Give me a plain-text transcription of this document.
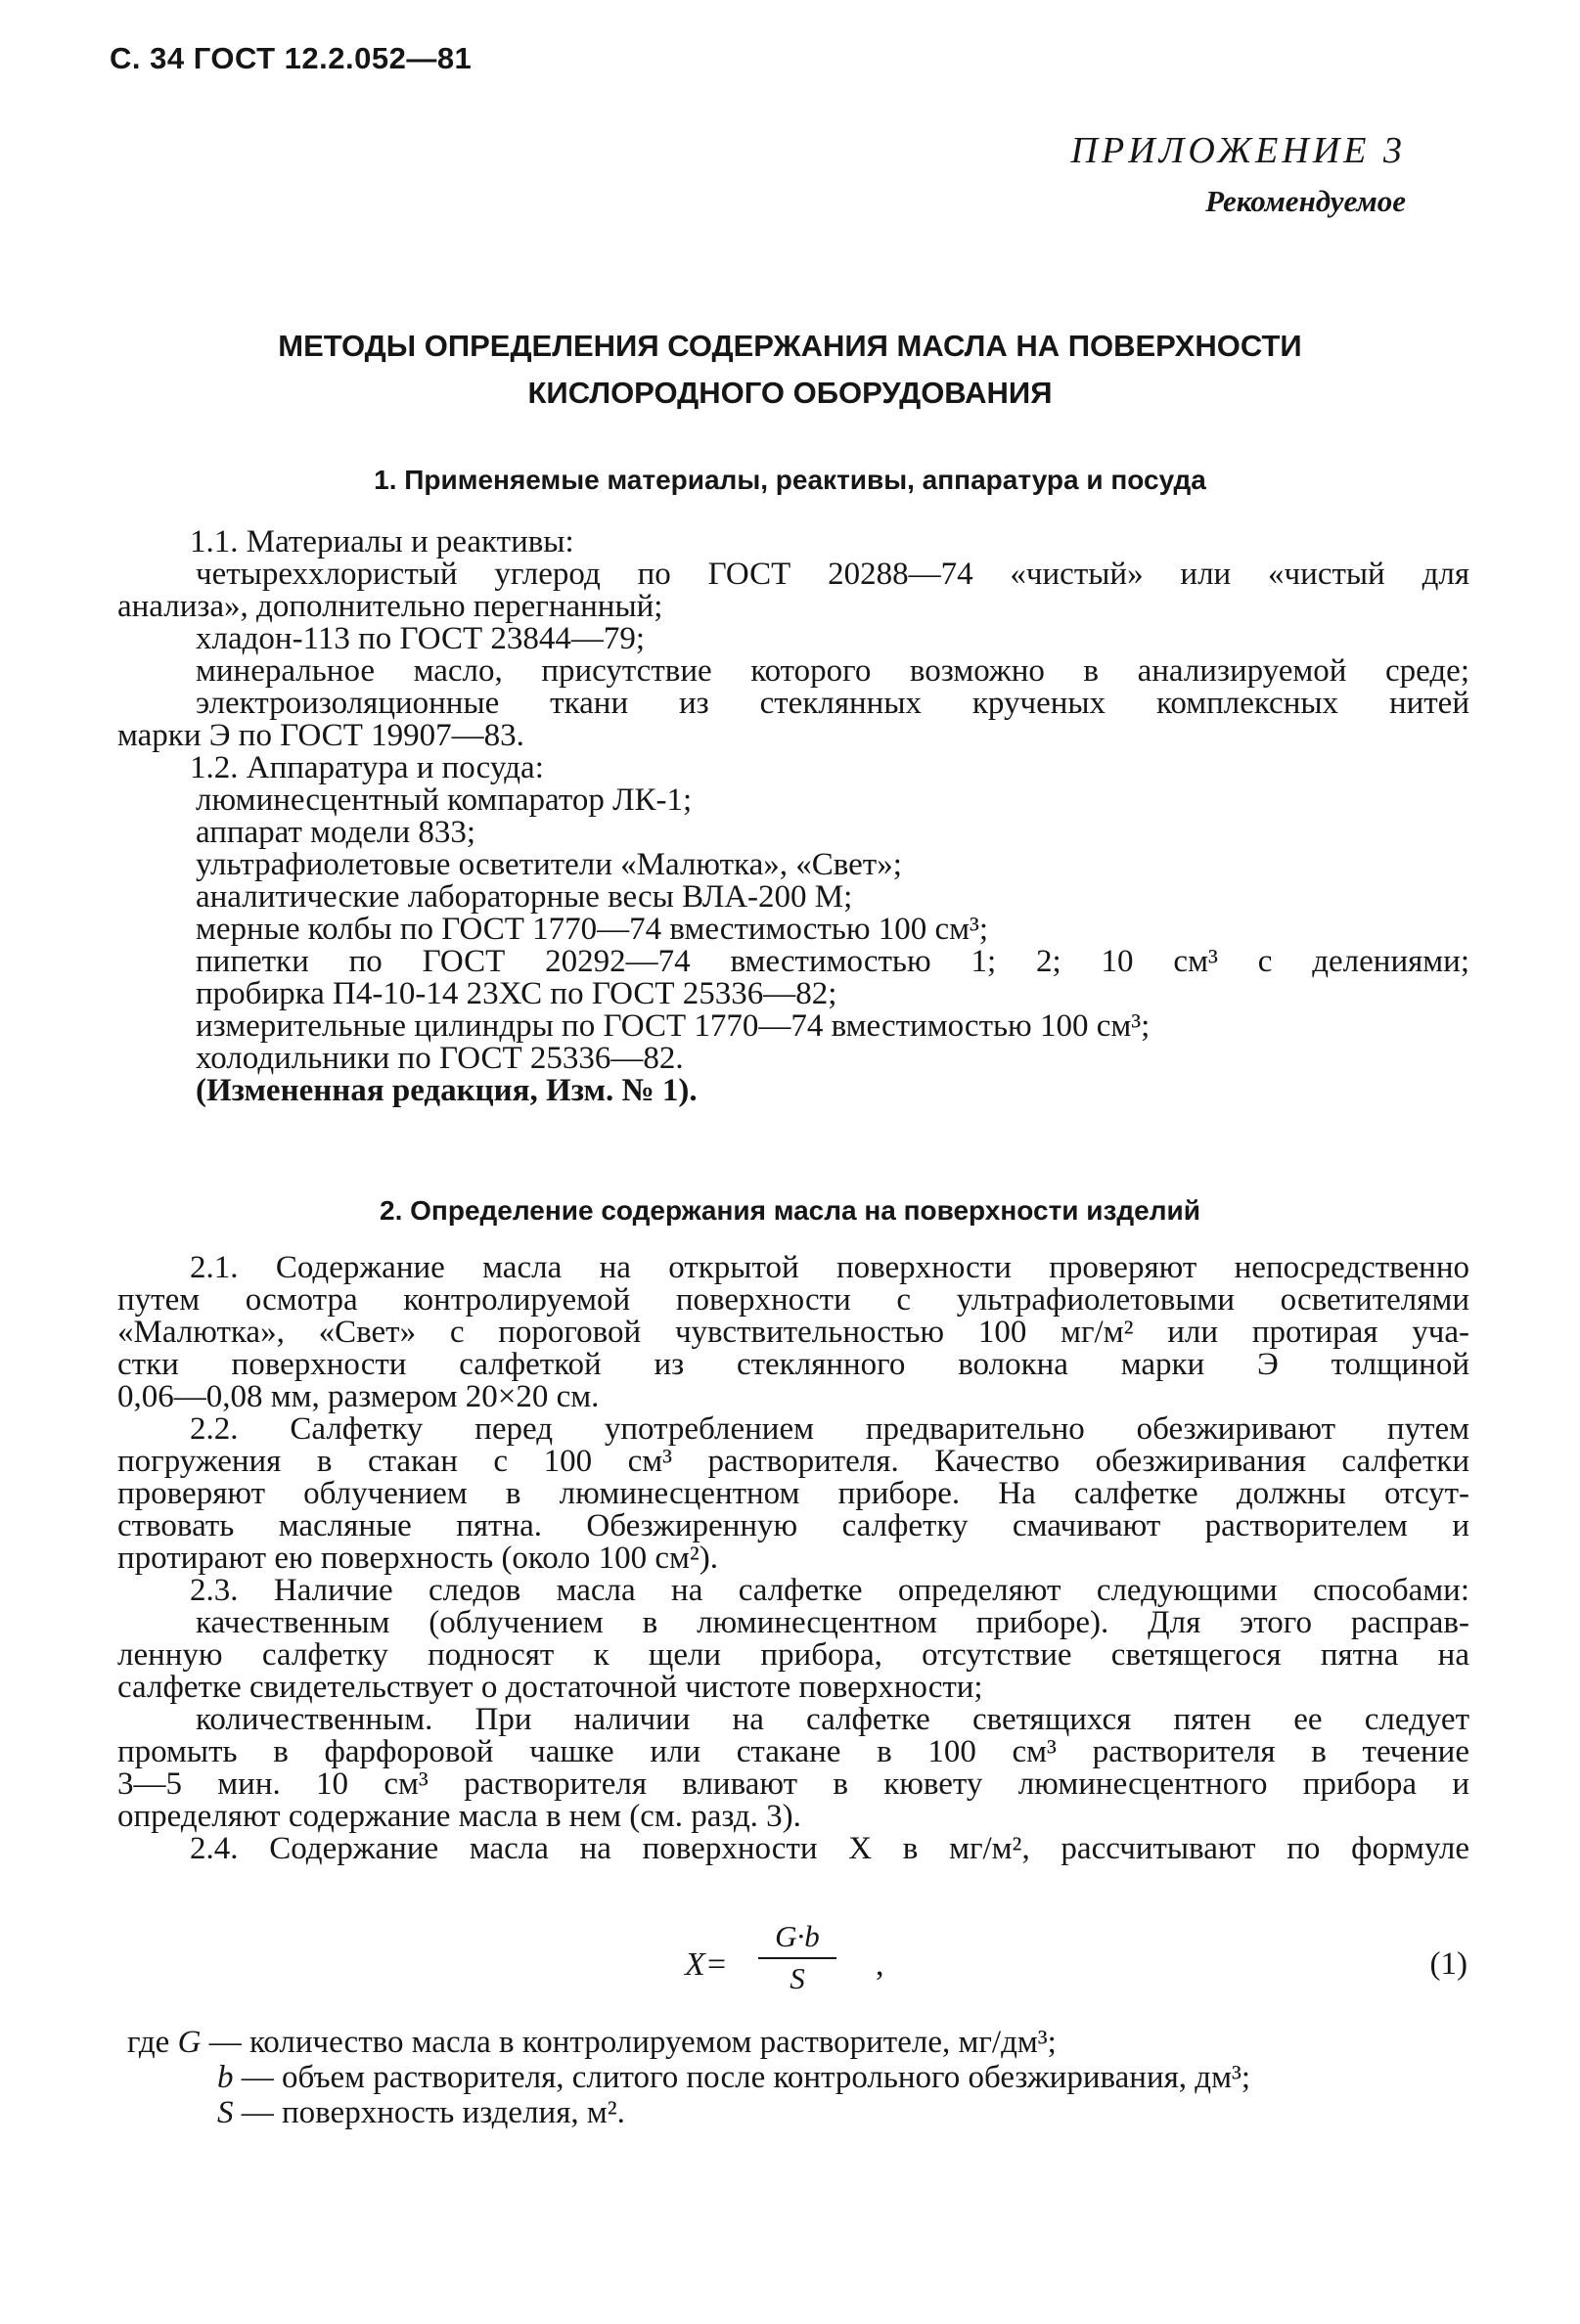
С. 34 ГОСТ 12.2.052—81
ПРИЛОЖЕНИЕ 3
Рекомендуемое
МЕТОДЫ ОПРЕДЕЛЕНИЯ СОДЕРЖАНИЯ МАСЛА НА ПОВЕРХНОСТИ
КИСЛОРОДНОГО ОБОРУДОВАНИЯ
1. Применяемые материалы, реактивы, аппаратура и посуда
1.1. Материалы и реактивы:
четыреххлористый углерод по ГОСТ 20288—74 «чистый» или «чистый для
анализа», дополнительно перегнанный;
хладон-113 по ГОСТ 23844—79;
минеральное масло, присутствие которого возможно в анализируемой среде;
электроизоляционные ткани из стеклянных крученых комплексных нитей
марки Э по ГОСТ 19907—83.
1.2. Аппаратура и посуда:
люминесцентный компаратор ЛК-1;
аппарат модели 833;
ультрафиолетовые осветители «Малютка», «Свет»;
аналитические лабораторные весы ВЛА-200 М;
мерные колбы по ГОСТ 1770—74 вместимостью 100 см³;
пипетки по ГОСТ 20292—74 вместимостью 1; 2; 10 см³ с делениями;
пробирка П4-10-14 23ХС по ГОСТ 25336—82;
измерительные цилиндры по ГОСТ 1770—74 вместимостью 100 см³;
холодильники по ГОСТ 25336—82.
(Измененная редакция, Изм. № 1).
2. Определение содержания масла на поверхности изделий
2.1. Содержание масла на открытой поверхности проверяют непосредственно
путем осмотра контролируемой поверхности с ультрафиолетовыми осветителями
«Малютка», «Свет» с пороговой чувствительностью 100 мг/м² или протирая уча-
стки поверхности салфеткой из стеклянного волокна марки Э толщиной
0,06—0,08 мм, размером 20×20 см.
2.2. Салфетку перед употреблением предварительно обезжиривают путем
погружения в стакан с 100 см³ растворителя. Качество обезжиривания салфетки
проверяют облучением в люминесцентном приборе. На салфетке должны отсут-
ствовать масляные пятна. Обезжиренную салфетку смачивают растворителем и
протирают ею поверхность (около 100 см²).
2.3. Наличие следов масла на салфетке определяют следующими способами:
качественным (облучением в люминесцентном приборе). Для этого расправ-
ленную салфетку подносят к щели прибора, отсутствие светящегося пятна на
салфетке свидетельствует о достаточной чистоте поверхности;
количественным. При наличии на салфетке светящихся пятен ее следует
промыть в фарфоровой чашке или стакане в 100 см³ растворителя в течение
3—5 мин. 10 см³ растворителя вливают в кювету люминесцентного прибора и
определяют содержание масла в нем (см. разд. 3).
2.4. Содержание масла на поверхности X в мг/м², рассчитывают по формуле
$X= \frac{G\cdot b}{S}$ ,	(1)
где G — количество масла в контролируемом растворителе, мг/дм³;
b — объем растворителя, слитого после контрольного обезжиривания, дм³;
S — поверхность изделия, м².
